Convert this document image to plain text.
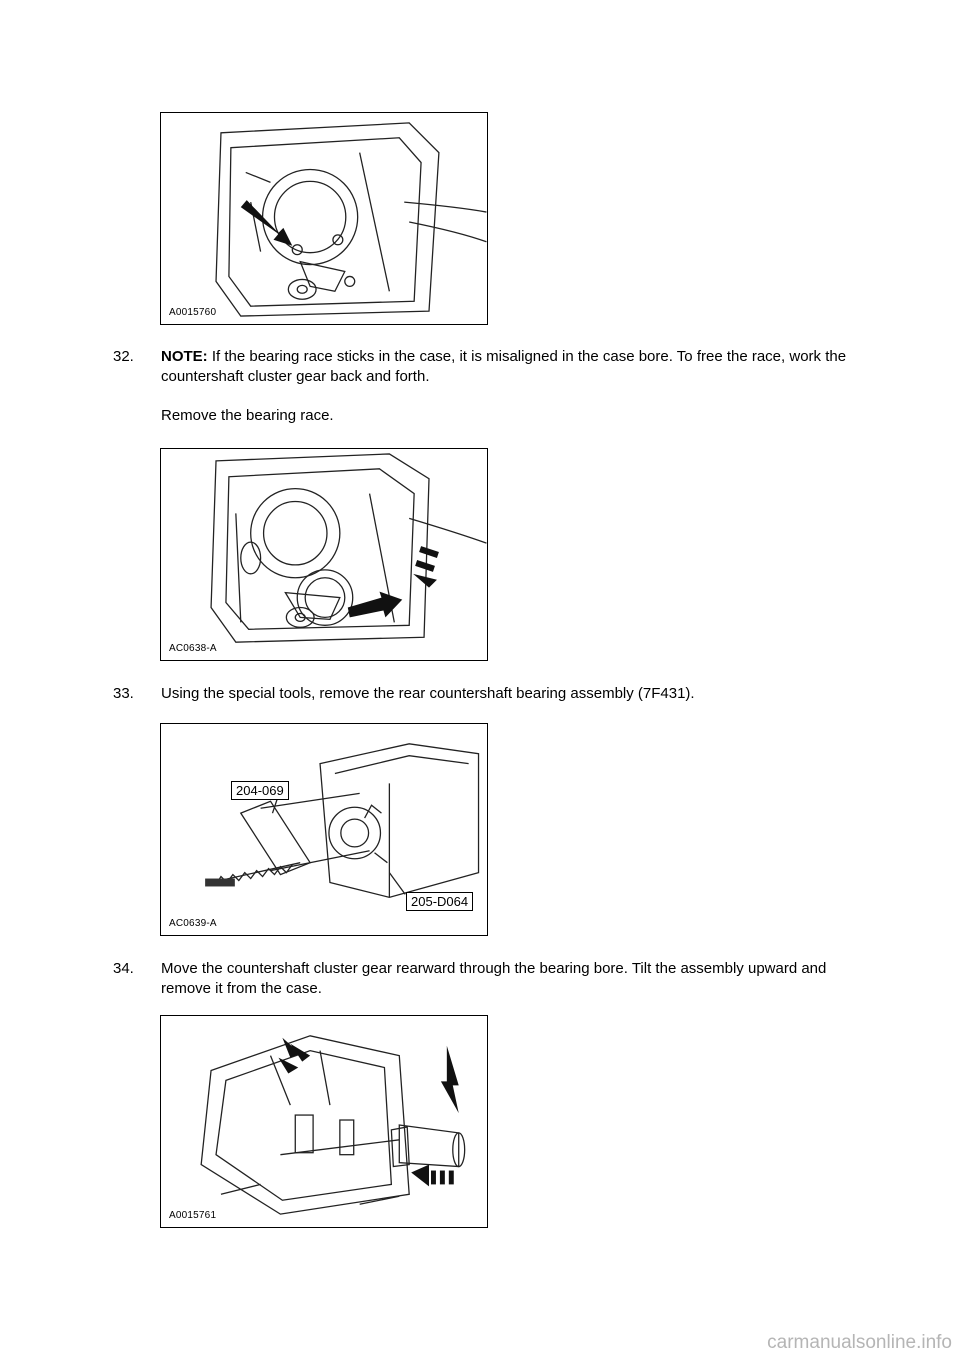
A0015760
32.	NOTE: If the bearing race sticks in the case, it is misaligned in the case bore. To free the race, work the countershaft cluster gear back and forth.
Remove the bearing race.
AC0638-A
33.	Using the special tools, remove the rear countershaft bearing assembly (7F431).
204-069
205-D064
AC0639-A
34.	Move the countershaft cluster gear rearward through the bearing bore. Tilt the assembly upward and remove it from the case.
A0015761
carmanualsonline.info
